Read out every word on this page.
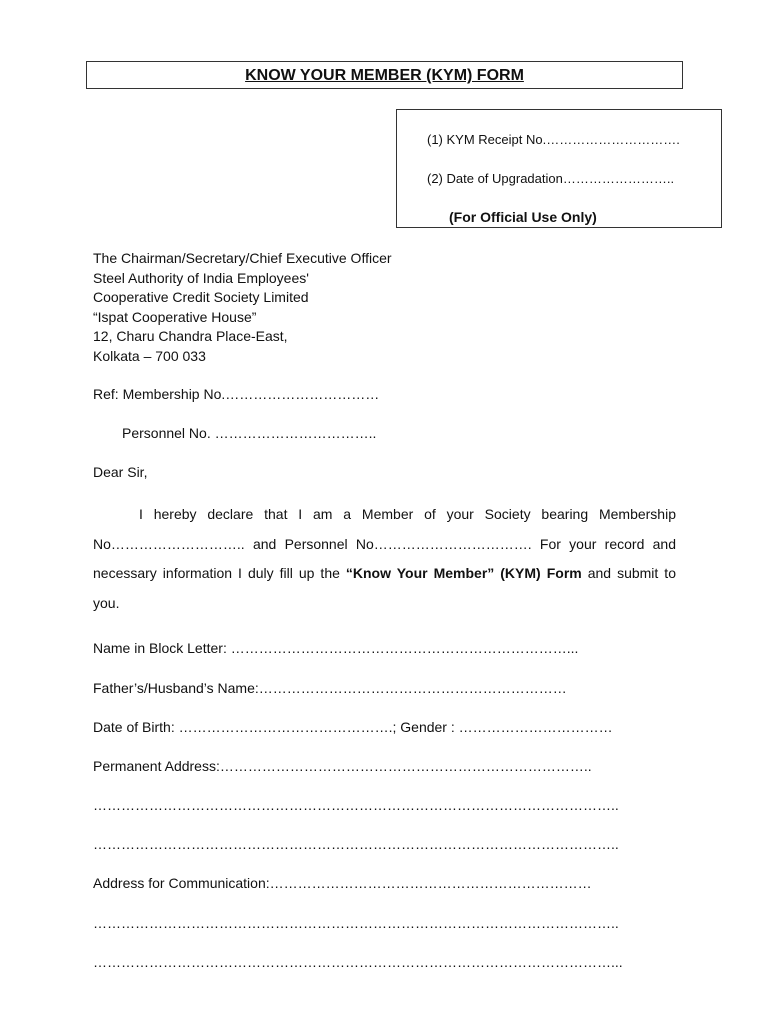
KNOW YOUR MEMBER (KYM) FORM
(1) KYM Receipt No.………………………….
(2) Date of Upgradation……………………..
(For Official Use Only)
The Chairman/Secretary/Chief Executive Officer
Steel Authority of India Employees'
Cooperative Credit Society Limited
“Ispat Cooperative House”
12, Charu Chandra Place-East,
Kolkata – 700 033
Ref: Membership No.……………………………
Personnel No. ……………………………..
Dear Sir,
I hereby declare that I am a Member of your Society bearing Membership No……………………….. and Personnel No……………………………. For your record and necessary information I duly fill up the “Know Your Member” (KYM) Form and submit to you.
Name in Block Letter: ………………………………………………………………...
Father’s/Husband’s Name:…………………………………………………………
Date of Birth: ……………………………………….; Gender : ……………………………
Permanent Address:……………………………………………………………………..
…………………………………………………………………………………………………..
…………………………………………………………………………………………………..
Address for Communication:……………………………………………………………
…………………………………………………………………………………………………..
…………………………………………………………………………………………………...
